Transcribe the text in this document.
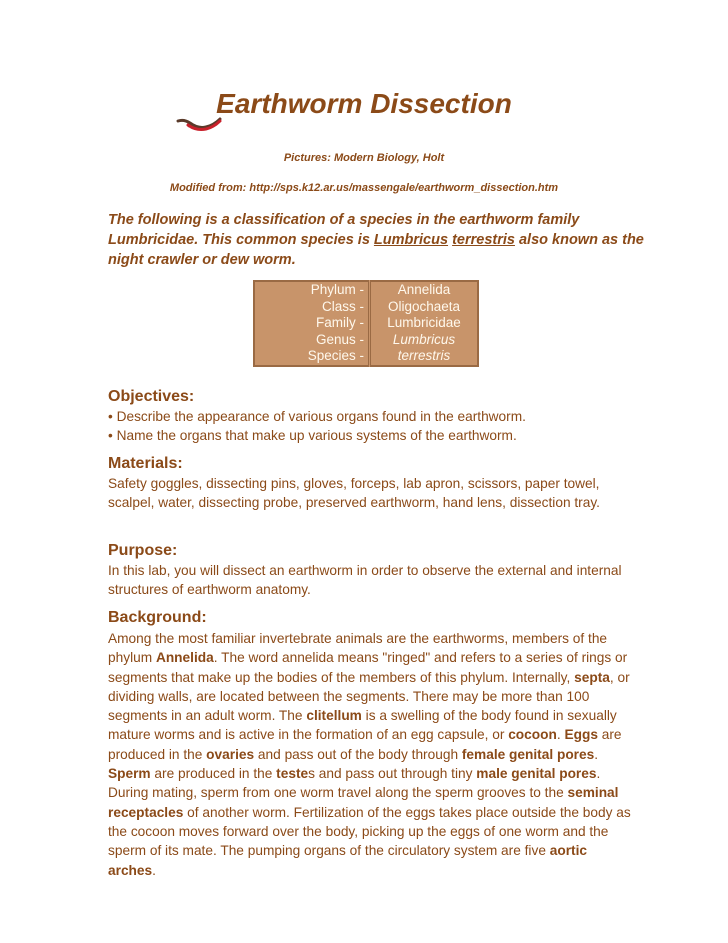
Earthworm Dissection
Pictures: Modern Biology, Holt
Modified from: http://sps.k12.ar.us/massengale/earthworm_dissection.htm
The following is a classification of a species in the earthworm family Lumbricidae. This common species is Lumbricus terrestris also known as the night crawler or dew worm.
Phylum -	Annelida
Class -	Oligochaeta
Family -	Lumbricidae
Genus -	Lumbricus
Species -	terrestris
Objectives:
• Describe the appearance of various organs found in the earthworm.
• Name the organs that make up various systems of the earthworm.
Materials:
Safety goggles, dissecting pins, gloves, forceps, lab apron, scissors, paper towel, scalpel, water, dissecting probe, preserved earthworm, hand lens, dissection tray.
Purpose:
In this lab, you will dissect an earthworm in order to observe the external and internal structures of earthworm anatomy.
Background:
Among the most familiar invertebrate animals are the earthworms, members of the phylum Annelida. The word annelida means "ringed" and refers to a series of rings or segments that make up the bodies of the members of this phylum. Internally, septa, or dividing walls, are located between the segments. There may be more than 100 segments in an adult worm. The clitellum is a swelling of the body found in sexually mature worms and is active in the formation of an egg capsule, or cocoon. Eggs are produced in the ovaries and pass out of the body through female genital pores. Sperm are produced in the testes and pass out through tiny male genital pores. During mating, sperm from one worm travel along the sperm grooves to the seminal receptacles of another worm. Fertilization of the eggs takes place outside the body as the cocoon moves forward over the body, picking up the eggs of one worm and the sperm of its mate. The pumping organs of the circulatory system are five aortic arches.
